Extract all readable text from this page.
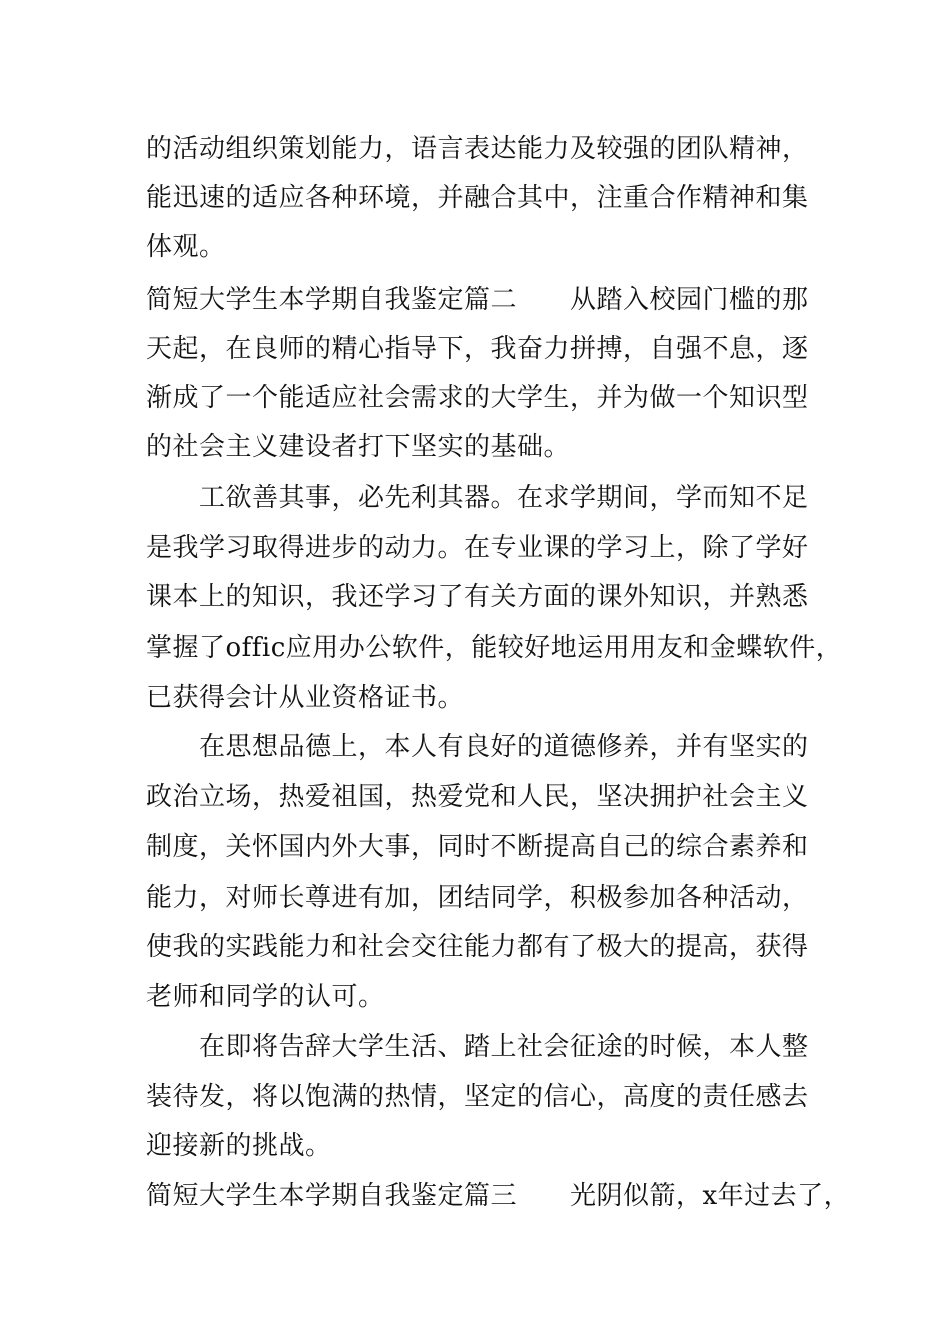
的活动组织策划能力，语言表达能力及较强的团队精神，
能迅速的适应各种环境，并融合其中，注重合作精神和集
体观。
简短大学生本学期自我鉴定篇二　　从踏入校园门槛的那
天起，在良师的精心指导下，我奋力拼搏，自强不息，逐
渐成了一个能适应社会需求的大学生，并为做一个知识型
的社会主义建设者打下坚实的基础。
　　工欲善其事，必先利其器。在求学期间，学而知不足
是我学习取得进步的动力。在专业课的学习上，除了学好
课本上的知识，我还学习了有关方面的课外知识，并熟悉
掌握了offic应用办公软件，能较好地运用用友和金蝶软件，
已获得会计从业资格证书。
　　在思想品德上，本人有良好的道德修养，并有坚实的
政治立场，热爱祖国，热爱党和人民，坚决拥护社会主义
制度，关怀国内外大事，同时不断提高自己的综合素养和
能力，对师长尊进有加，团结同学，积极参加各种活动，
使我的实践能力和社会交往能力都有了极大的提高，获得
老师和同学的认可。
　　在即将告辞大学生活、踏上社会征途的时候，本人整
装待发，将以饱满的热情，坚定的信心，高度的责任感去
迎接新的挑战。
简短大学生本学期自我鉴定篇三　　光阴似箭，x年过去了，
